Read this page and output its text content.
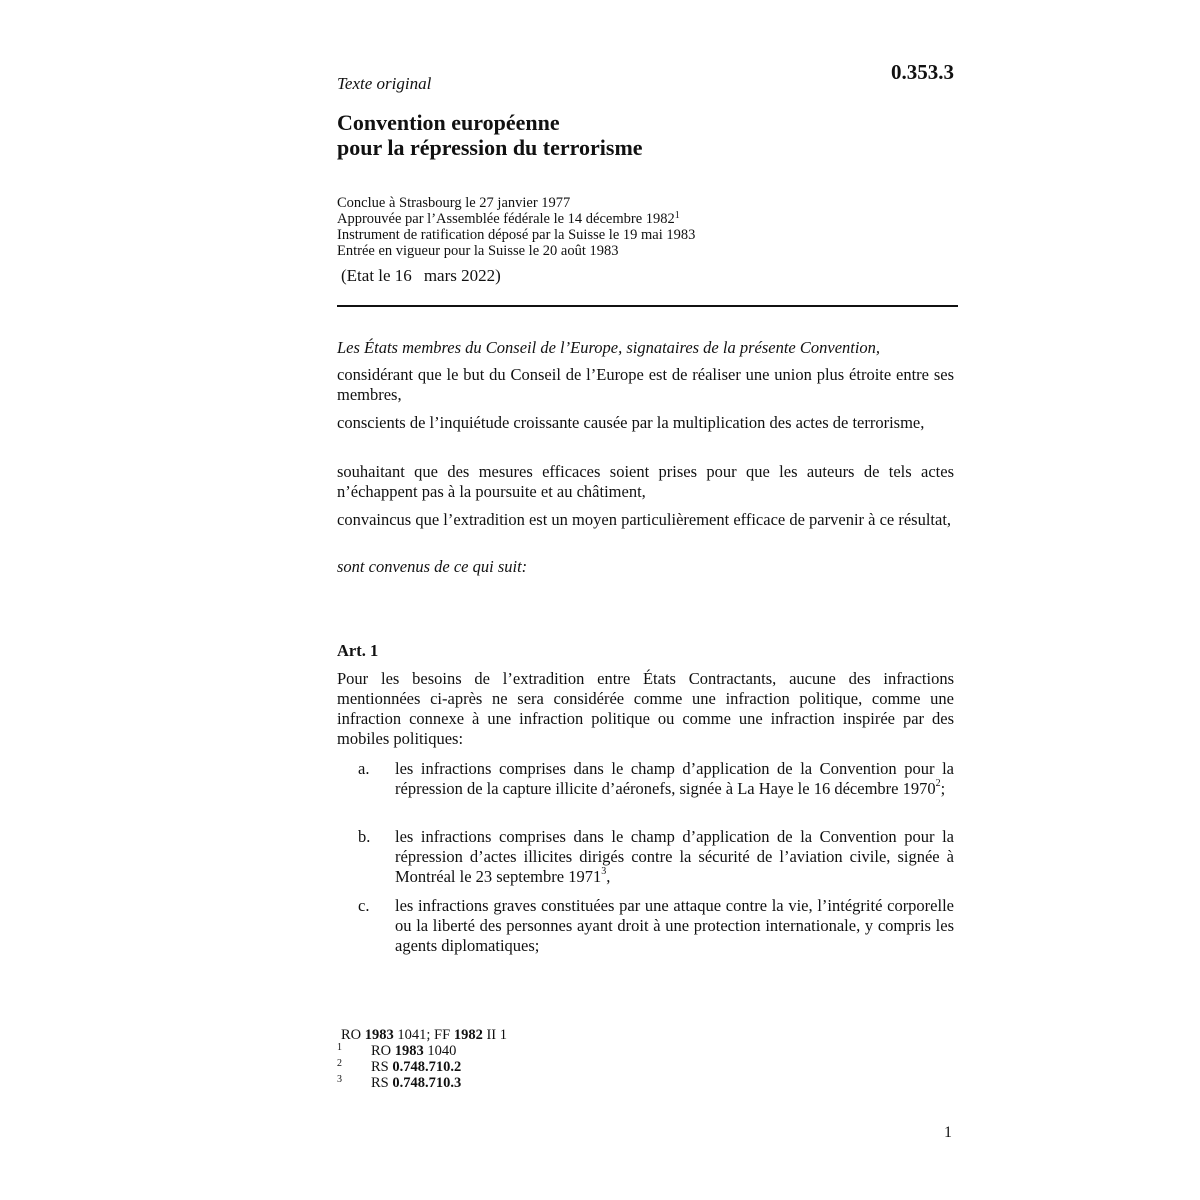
0.353.3
Texte original
Convention européenne
pour la répression du terrorisme
Conclue à Strasbourg le 27 janvier 1977
Approuvée par l’Assemblée fédérale le 14 décembre 1982$^1$
Instrument de ratification déposé par la Suisse le 19 mai 1983
Entrée en vigueur pour la Suisse le 20 août 1983
(Etat le 16 mars 2022)
Les États membres du Conseil de l’Europe, signataires de la présente Convention,
considérant que le but du Conseil de l’Europe est de réaliser une union plus étroite entre ses membres,
conscients de l’inquiétude croissante causée par la multiplication des actes de terrorisme,
souhaitant que des mesures efficaces soient prises pour que les auteurs de tels actes n’échappent pas à la poursuite et au châtiment,
convaincus que l’extradition est un moyen particulièrement efficace de parvenir à ce résultat,
sont convenus de ce qui suit:
Art. 1
Pour les besoins de l’extradition entre États Contractants, aucune des infractions mentionnées ci-après ne sera considérée comme une infraction politique, comme une infraction connexe à une infraction politique ou comme une infraction inspirée par des mobiles politiques:
a. les infractions comprises dans le champ d’application de la Convention pour la répression de la capture illicite d’aéronefs, signée à La Haye le 16 décembre 1970$^2$;
b. les infractions comprises dans le champ d’application de la Convention pour la répression d’actes illicites dirigés contre la sécurité de l’aviation civile, signée à Montréal le 23 septembre 1971$^3$,
c. les infractions graves constituées par une attaque contre la vie, l’intégrité corporelle ou la liberté des personnes ayant droit à une protection internationale, y compris les agents diplomatiques;
RO 1983 1041; FF 1982 II 1
1 RO 1983 1040
2 RS 0.748.710.2
3 RS 0.748.710.3
1
